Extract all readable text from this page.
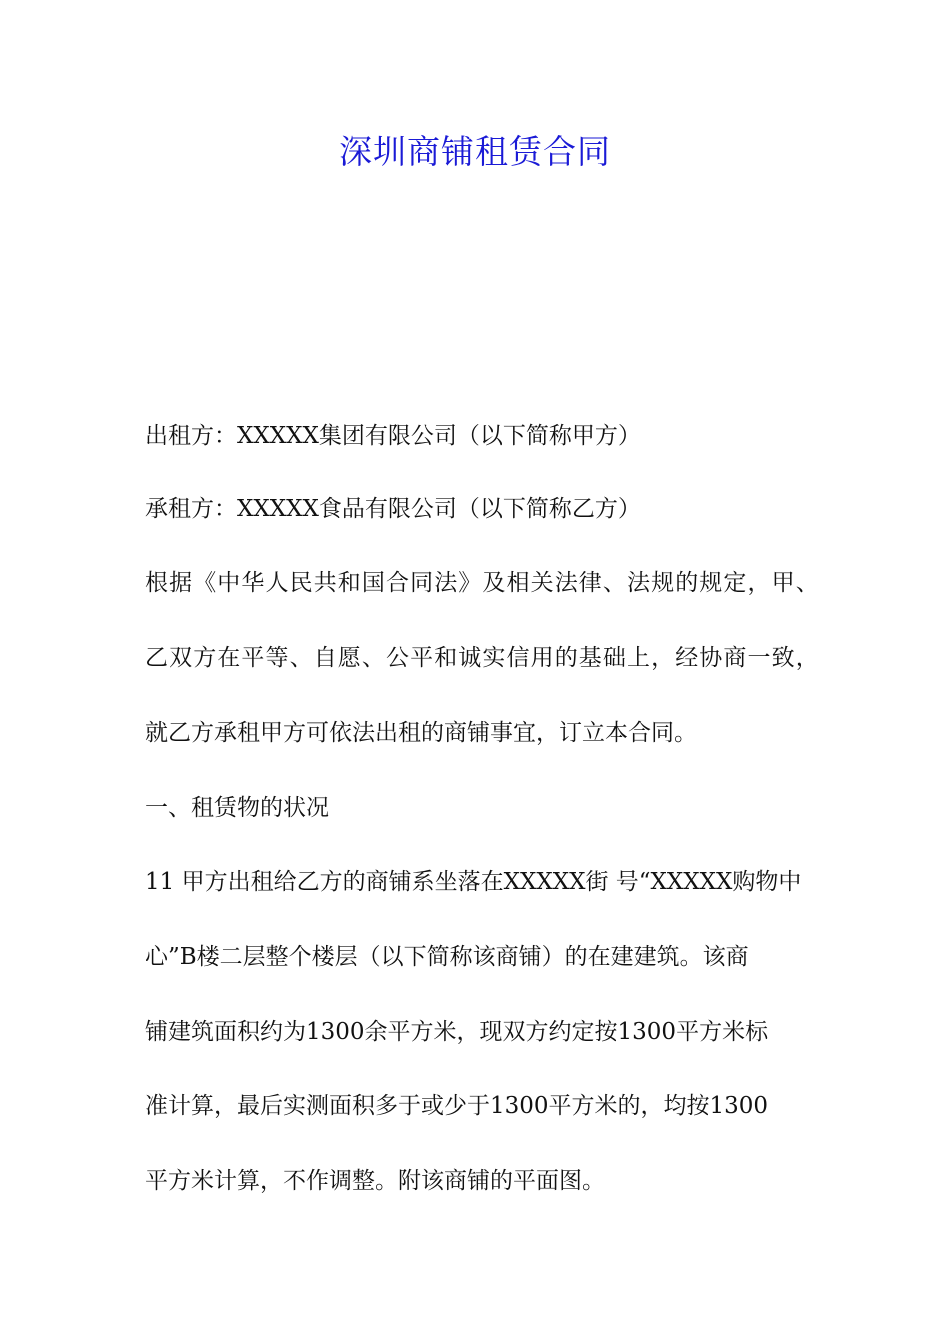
深圳商铺租赁合同

出租方：XXXXX集团有限公司（以下简称甲方）

承租方：XXXXX食品有限公司（以下简称乙方）

根据《中华人民共和国合同法》及相关法律、法规的规定，甲、

乙双方在平等、自愿、公平和诚实信用的基础上，经协商一致，

就乙方承租甲方可依法出租的商铺事宜，订立本合同。

一、租赁物的状况

11 甲方出租给乙方的商铺系坐落在XXXXX街 号“XXXXX购物中

心”B楼二层整个楼层（以下简称该商铺）的在建建筑。该商

铺建筑面积约为1300余平方米，现双方约定按1300平方米标

准计算，最后实测面积多于或少于1300平方米的，均按1300

平方米计算，不作调整。附该商铺的平面图。
